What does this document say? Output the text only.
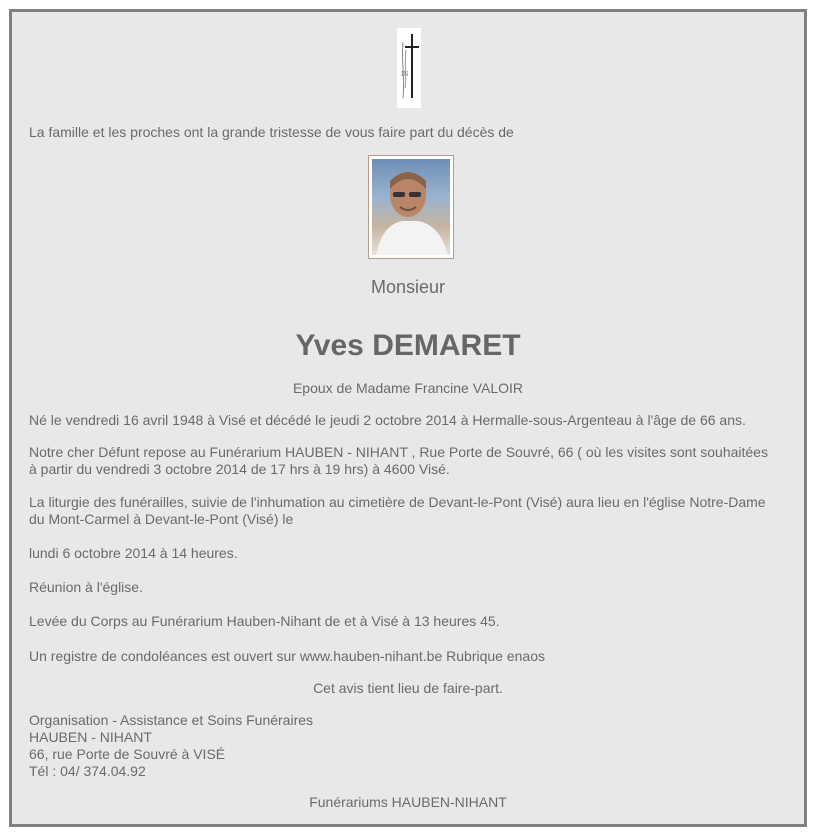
IN

La famille et les proches ont la grande tristesse de vous faire part du décès de

Monsieur

Yves DEMARET

Epoux de Madame Francine VALOIR

Né le vendredi 16 avril 1948 à Visé et décédé le jeudi 2 octobre 2014 à Hermalle-sous-Argenteau à l'âge de 66 ans.

Notre cher Défunt repose au Funérarium HAUBEN - NIHANT , Rue Porte de Souvré, 66 ( où les visites sont souhaitées à partir du vendredi 3 octobre 2014 de 17 hrs à 19 hrs) à 4600 Visé.

La liturgie des funérailles, suivie de l'inhumation au cimetière de Devant-le-Pont (Visé) aura lieu en l'église Notre-Dame du Mont-Carmel à Devant-le-Pont (Visé) le

lundi 6 octobre 2014 à 14 heures.

Réunion à l'église.

Levée du Corps au Funérarium Hauben-Nihant de et à Visé à 13 heures 45.

Un registre de condoléances est ouvert sur www.hauben-nihant.be Rubrique enaos

Cet avis tient lieu de faire-part.

Organisation - Assistance et Soins Funéraires

HAUBEN - NIHANT

66, rue Porte de Souvré à VISÉ

Tél : 04/ 374.04.92

Funérariums HAUBEN-NIHANT
